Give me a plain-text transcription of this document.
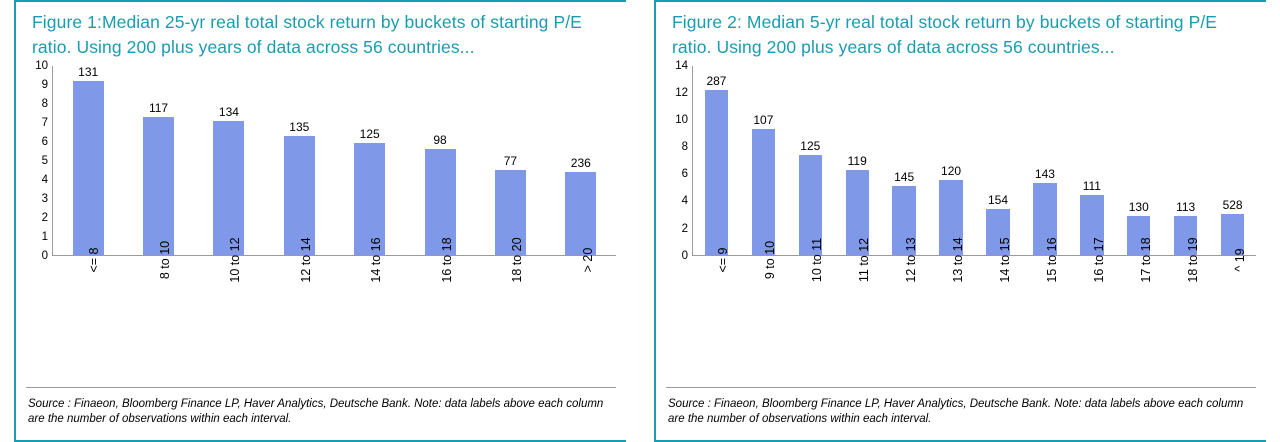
Figure 1:Median 25-yr real total stock return by buckets of starting P/E ratio. Using 200 plus years of data across 56 countries...
0
1
2
3
4
5
6
7
8
9
10	131
117	134
135
125	98
77	236
<= 8	8 to 10	10 to 12	12 to 14	14 to 16	16 to 18	18 to 20	> 20
Source : Finaeon, Bloomberg Finance LP, Haver Analytics, Deutsche Bank. Note: data labels above each column are the number of observations within each interval.
Figure 2: Median 5-yr real total stock return by buckets of starting P/E ratio. Using 200 plus years of data across 56 countries...
0
2
4
6
8
10
12
14
287
107
125
119
145 120
154
143
111
130 113 528
<= 9	9 to 10	10 to 11	11 to 12	12 to 13	13 to 14	14 to 15	15 to 16	16 to 17	17 to 18	18 to 19	^ 19
Source : Finaeon, Bloomberg Finance LP, Haver Analytics, Deutsche Bank. Note: data labels above each column are the number of observations within each interval.
